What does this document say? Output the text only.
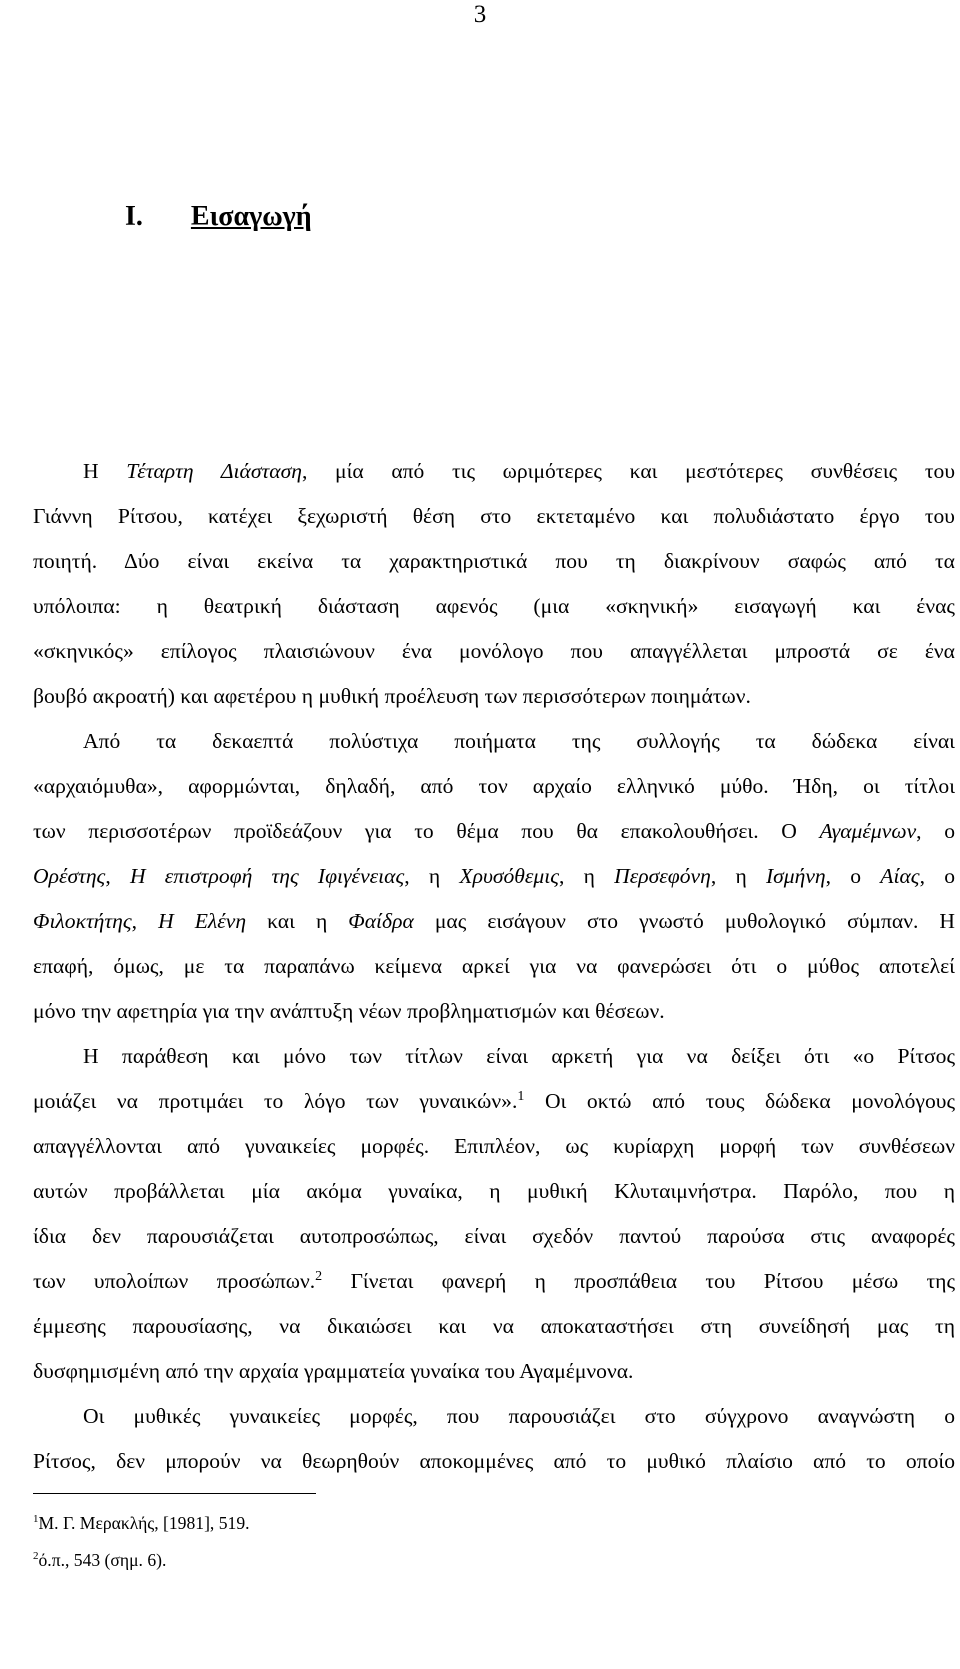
3
Ι. Εισαγωγή
Η Τέταρτη Διάσταση, μία από τις ωριμότερες και μεστότερες συνθέσεις του
Γιάννη Ρίτσου, κατέχει ξεχωριστή θέση στο εκτεταμένο και πολυδιάστατο έργο του
ποιητή. Δύο είναι εκείνα τα χαρακτηριστικά που τη διακρίνουν σαφώς από τα
υπόλοιπα: η θεατρική διάσταση αφενός (μια «σκηνική» εισαγωγή και ένας
«σκηνικός» επίλογος πλαισιώνουν ένα μονόλογο που απαγγέλλεται μπροστά σε ένα
βουβό ακροατή) και αφετέρου η μυθική προέλευση των περισσότερων ποιημάτων.
Από τα δεκαεπτά πολύστιχα ποιήματα της συλλογής τα δώδεκα είναι
«αρχαιόμυθα», αφορμώνται, δηλαδή, από τον αρχαίο ελληνικό μύθο. Ήδη, οι τίτλοι
των περισσοτέρων προϊδεάζουν για το θέμα που θα επακολουθήσει. Ο Αγαμέμνων, ο
Ορέστης, Η επιστροφή της Ιφιγένειας, η Χρυσόθεμις, η Περσεφόνη, η Ισμήνη, ο Αίας, ο
Φιλοκτήτης, Η Ελένη και η Φαίδρα μας εισάγουν στο γνωστό μυθολογικό σύμπαν. Η
επαφή, όμως, με τα παραπάνω κείμενα αρκεί για να φανερώσει ότι ο μύθος αποτελεί
μόνο την αφετηρία για την ανάπτυξη νέων προβληματισμών και θέσεων.
Η παράθεση και μόνο των τίτλων είναι αρκετή για να δείξει ότι «ο Ρίτσος
μοιάζει να προτιμάει το λόγο των γυναικών».$^1$ Οι οκτώ από τους δώδεκα μονολόγους
απαγγέλλονται από γυναικείες μορφές. Επιπλέον, ως κυρίαρχη μορφή των συνθέσεων
αυτών προβάλλεται μία ακόμα γυναίκα, η μυθική Κλυταιμνήστρα. Παρόλο, που η
ίδια δεν παρουσιάζεται αυτοπροσώπως, είναι σχεδόν παντού παρούσα στις αναφορές
των υπολοίπων προσώπων.$^2$ Γίνεται φανερή η προσπάθεια του Ρίτσου μέσω της
έμμεσης παρουσίασης, να δικαιώσει και να αποκαταστήσει στη συνείδησή μας τη
δυσφημισμένη από την αρχαία γραμματεία γυναίκα του Αγαμέμνονα.
Οι μυθικές γυναικείες μορφές, που παρουσιάζει στο σύγχρονο αναγνώστη ο
Ρίτσος, δεν μπορούν να θεωρηθούν αποκομμένες από το μυθικό πλαίσιο από το οποίο
$^1$Μ. Γ. Μερακλής, [1981], 519.
$^2$ό.π., 543 (σημ. 6).
